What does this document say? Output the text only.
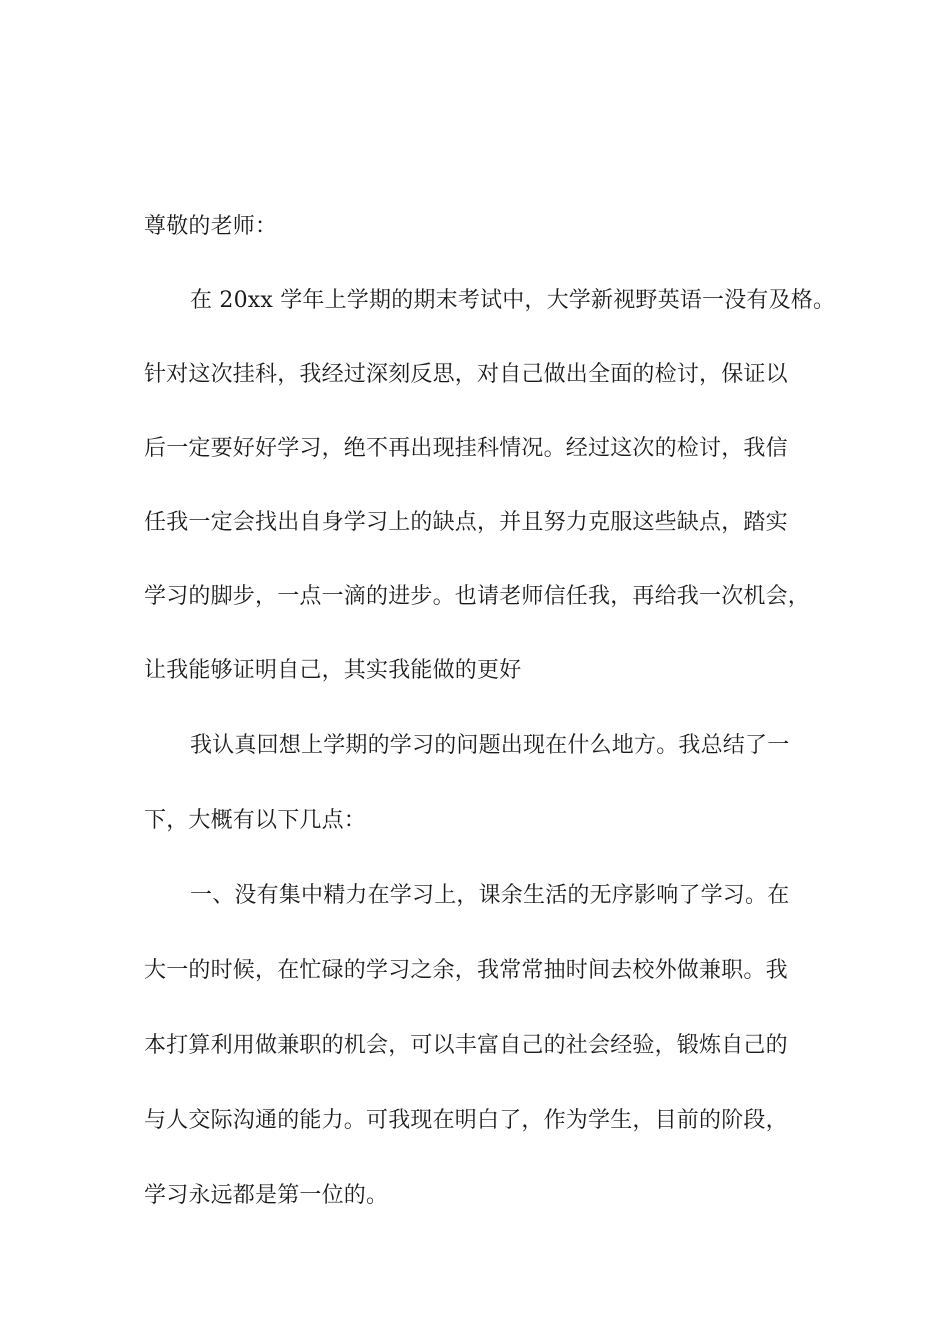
尊敬的老师：
在 20xx 学年上学期的期末考试中，大学新视野英语一没有及格。
针对这次挂科，我经过深刻反思，对自己做出全面的检讨，保证以
后一定要好好学习，绝不再出现挂科情况。经过这次的检讨，我信
任我一定会找出自身学习上的缺点，并且努力克服这些缺点，踏实
学习的脚步，一点一滴的进步。也请老师信任我，再给我一次机会，
让我能够证明自己，其实我能做的更好
我认真回想上学期的学习的问题出现在什么地方。我总结了一
下，大概有以下几点：
一、没有集中精力在学习上，课余生活的无序影响了学习。在
大一的时候，在忙碌的学习之余，我常常抽时间去校外做兼职。我
本打算利用做兼职的机会，可以丰富自己的社会经验，锻炼自己的
与人交际沟通的能力。可我现在明白了，作为学生，目前的阶段，
学习永远都是第一位的。
